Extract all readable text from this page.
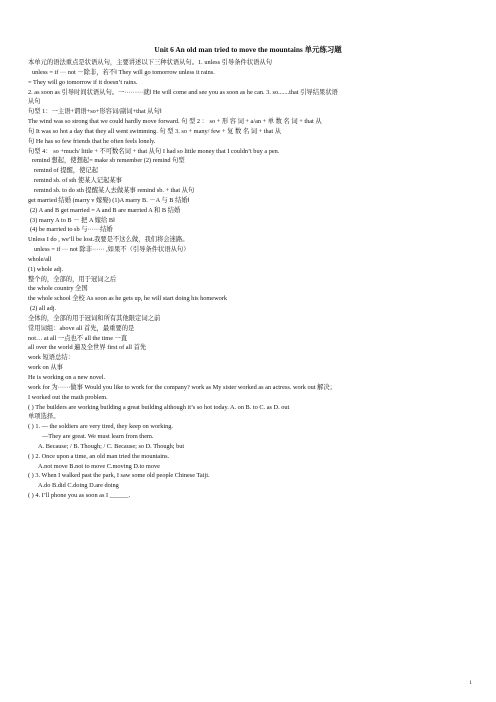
Unit 6 An old man tried to move the mountains 单元练习题
本单元的语法重点是状语从句，主要讲述以下三种状语从句。1. unless 引导条件状语从句
unless = if ··· not －除非，若不‖ They will go tomorrow unless it rains.
= They will go tomorrow if it doesn’t rains.
2. as soon as 引导时间状语从句。一·········就‖ He will come and see you as soon as he can. 3. so.......that 引导结果状语
从句
句型 1：一主语+谓语+so+形容词/副词+that 从句‖
The wind was so strong that we could hardly move forward. 句 型 2 ： so + 形 容 词 + a/an + 单 数 名 词 + that 从
句 It was so hot a day that they all went swimming. 句 型 3. so + many/ few + 复 数 名 词 + that 从
句 He has so few friends that he often feels lonely.
句型 4： so +much/ little + 不可数名词 + that 从句 I had so little money that I couldn’t buy a pen.
remind 想起，使想起= make sb remember (2) remind 句型
remind of 提醒，使记起
remind sb. of sth 使某人记起某事
remind sb. to do sth 提醒某人去做某事 remind sb. + that 从句
get married 结婚 (marry v 嫁娶) (1)A marry B. －A 与 B 结婚‖
(2) A and B get married = A and B are married A 和 B 结婚
(3) marry A to B － 把 A 嫁给 B‖
(4) be married to sb 与······结婚
Unless I do , we’ll be lost.我要是不这么做，我们将会迷路。
unless = if ··· not 除非······ ,如果不（引导条件状语从句）
whole/all
(1) whole adj.
整个的，全部的，用于冠词之后
the whole country 全国
the whole school 全校 As soon as he gets up, he will start doing his homework
(2) all adj.
全体的，全部的用于冠词和所有其他限定词之前
常用词组：above all 首先，最重要的是
not… at all 一点也不 all the time 一直
all over the world 遍及全世界 first of all 首先
work 短语总结：
work on 从事
He is working on a new novel.
work for 为······做事 Would you like to work for the company? work as My sister worked as an actress. work out 解决；
I worked out the math problem.
( ) The builders are working building a great building although it’s so hot today. A. on B. to C. as D. out
单项选择。
( ) 1. — the soldiers are very tired, they keep on working.
—They are great. We must learn from them.
A. Because; / B. Though; / C. Because; so D. Though; but
( ) 2. Once upon a time, an old man tried the mountains.
A.not move B.not to move C.moving D.to move
( ) 3. When I walked past the park, I saw some old people Chinese Taiji.
A.do B.did C.doing D.are doing
( ) 4. I’ll phone you as soon as I ______.
1
